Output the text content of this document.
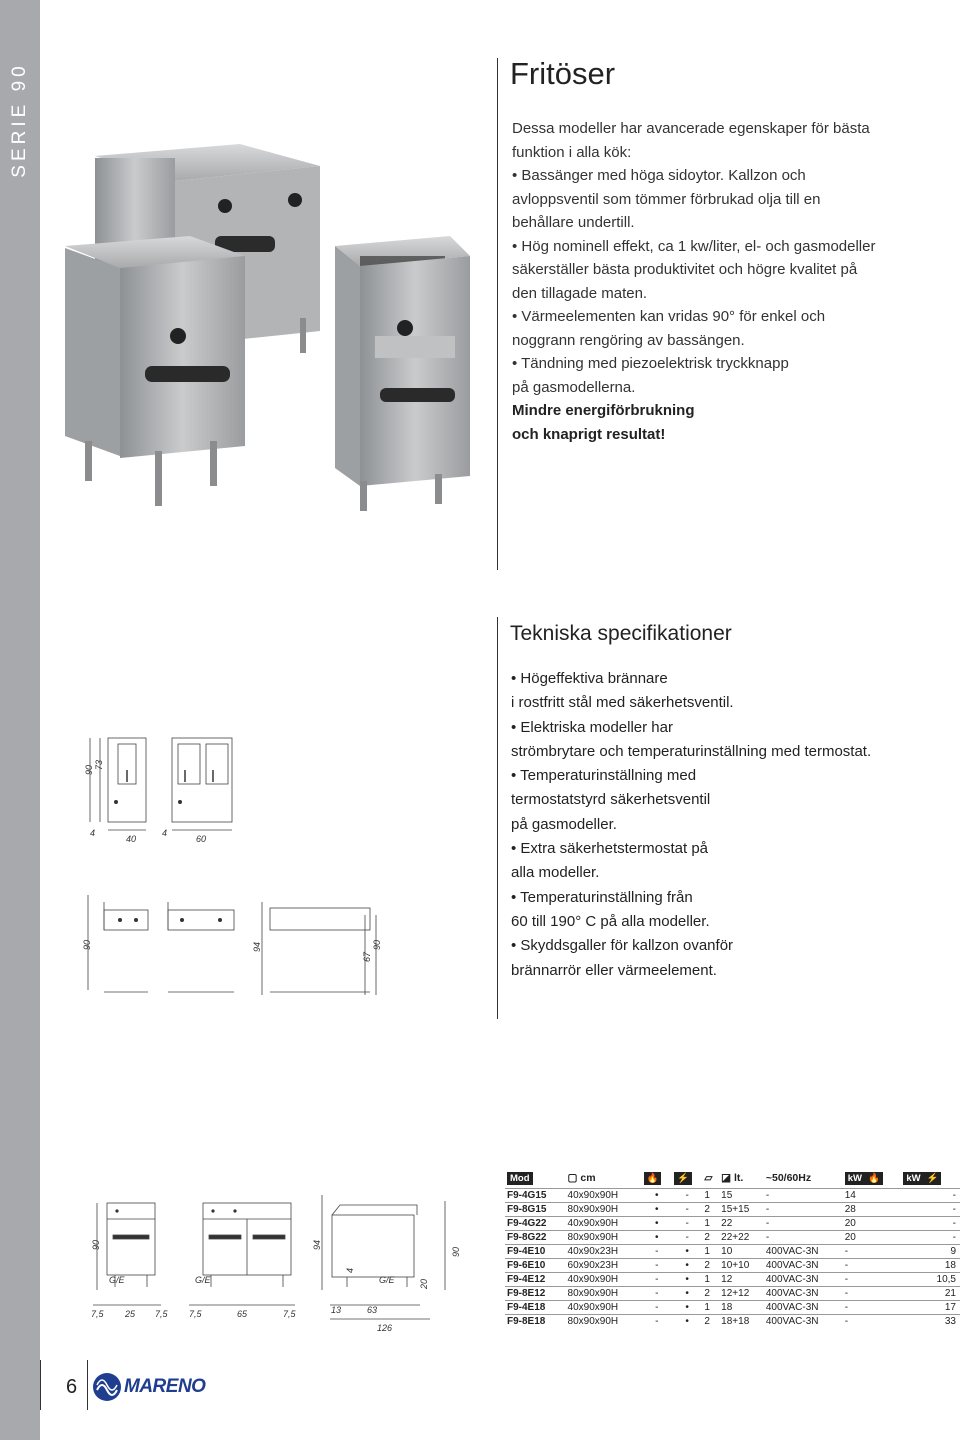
SERIE 90	Fritöser

Dessa modeller har avancerade egenskaper för bästa

funktion i alla kök:

• Bassänger med höga sidoytor. Kallzon och

avloppsventil som tömmer förbrukad olja till en

behållare undertill.

• Hög nominell effekt, ca 1 kw/liter, el- och gasmodeller

säkerställer bästa produktivitet och högre kvalitet på

den tillagade maten.

• Värmeelementen kan vridas 90° för enkel och

noggrann rengöring av bassängen.

• Tändning med piezoelektrisk tryckknapp

på gasmodellerna.

Mindre energiförbrukning

och knaprigt resultat!

Tekniska specifikationer

• Högeffektiva brännare

i rostfritt stål med säkerhetsventil.

• Elektriska modeller har

strömbrytare och temperaturinställning med termostat.

• Temperaturinställning med

termostatstyrd säkerhetsventil

på gasmodeller.

• Extra säkerhetstermostat på

alla modeller.

• Temperaturinställning från

60 till 190° C på alla modeller.

• Skyddsgaller för kallzon ovanför

brännarrör eller värmeelement.

90 73
40	60
4	4
90	94
67
90
90	94
90
4
20
G/E	G/E	G/E
7,5 25 7,5 7,5	65	7,5	13	63
126
Mod	▢ cm	🔥	⚡	▱	◪ lt.	~50/60Hz	kW 🔥	kW ⚡
F9-4G15	40x90x90H	•	-	1	15	-	14	-
F9-8G15	80x90x90H	•	-	2	15+15	-	28	-
F9-4G22	40x90x90H	•	-	1	22	-	20	-
F9-8G22	80x90x90H	•	-	2	22+22	-	20	-
F9-4E10	40x90x23H	-	•	1	10	400VAC-3N	-	9
F9-6E10	60x90x23H	-	•	2	10+10	400VAC-3N	-	18
F9-4E12	40x90x90H	-	•	1	12	400VAC-3N	-	10,5
F9-8E12	80x90x90H	-	•	2	12+12	400VAC-3N	-	21
F9-4E18	40x90x90H	-	•	1	18	400VAC-3N	-	17
F9-8E18	80x90x90H	-	•	2	18+18	400VAC-3N	-	33
6 MARENO
